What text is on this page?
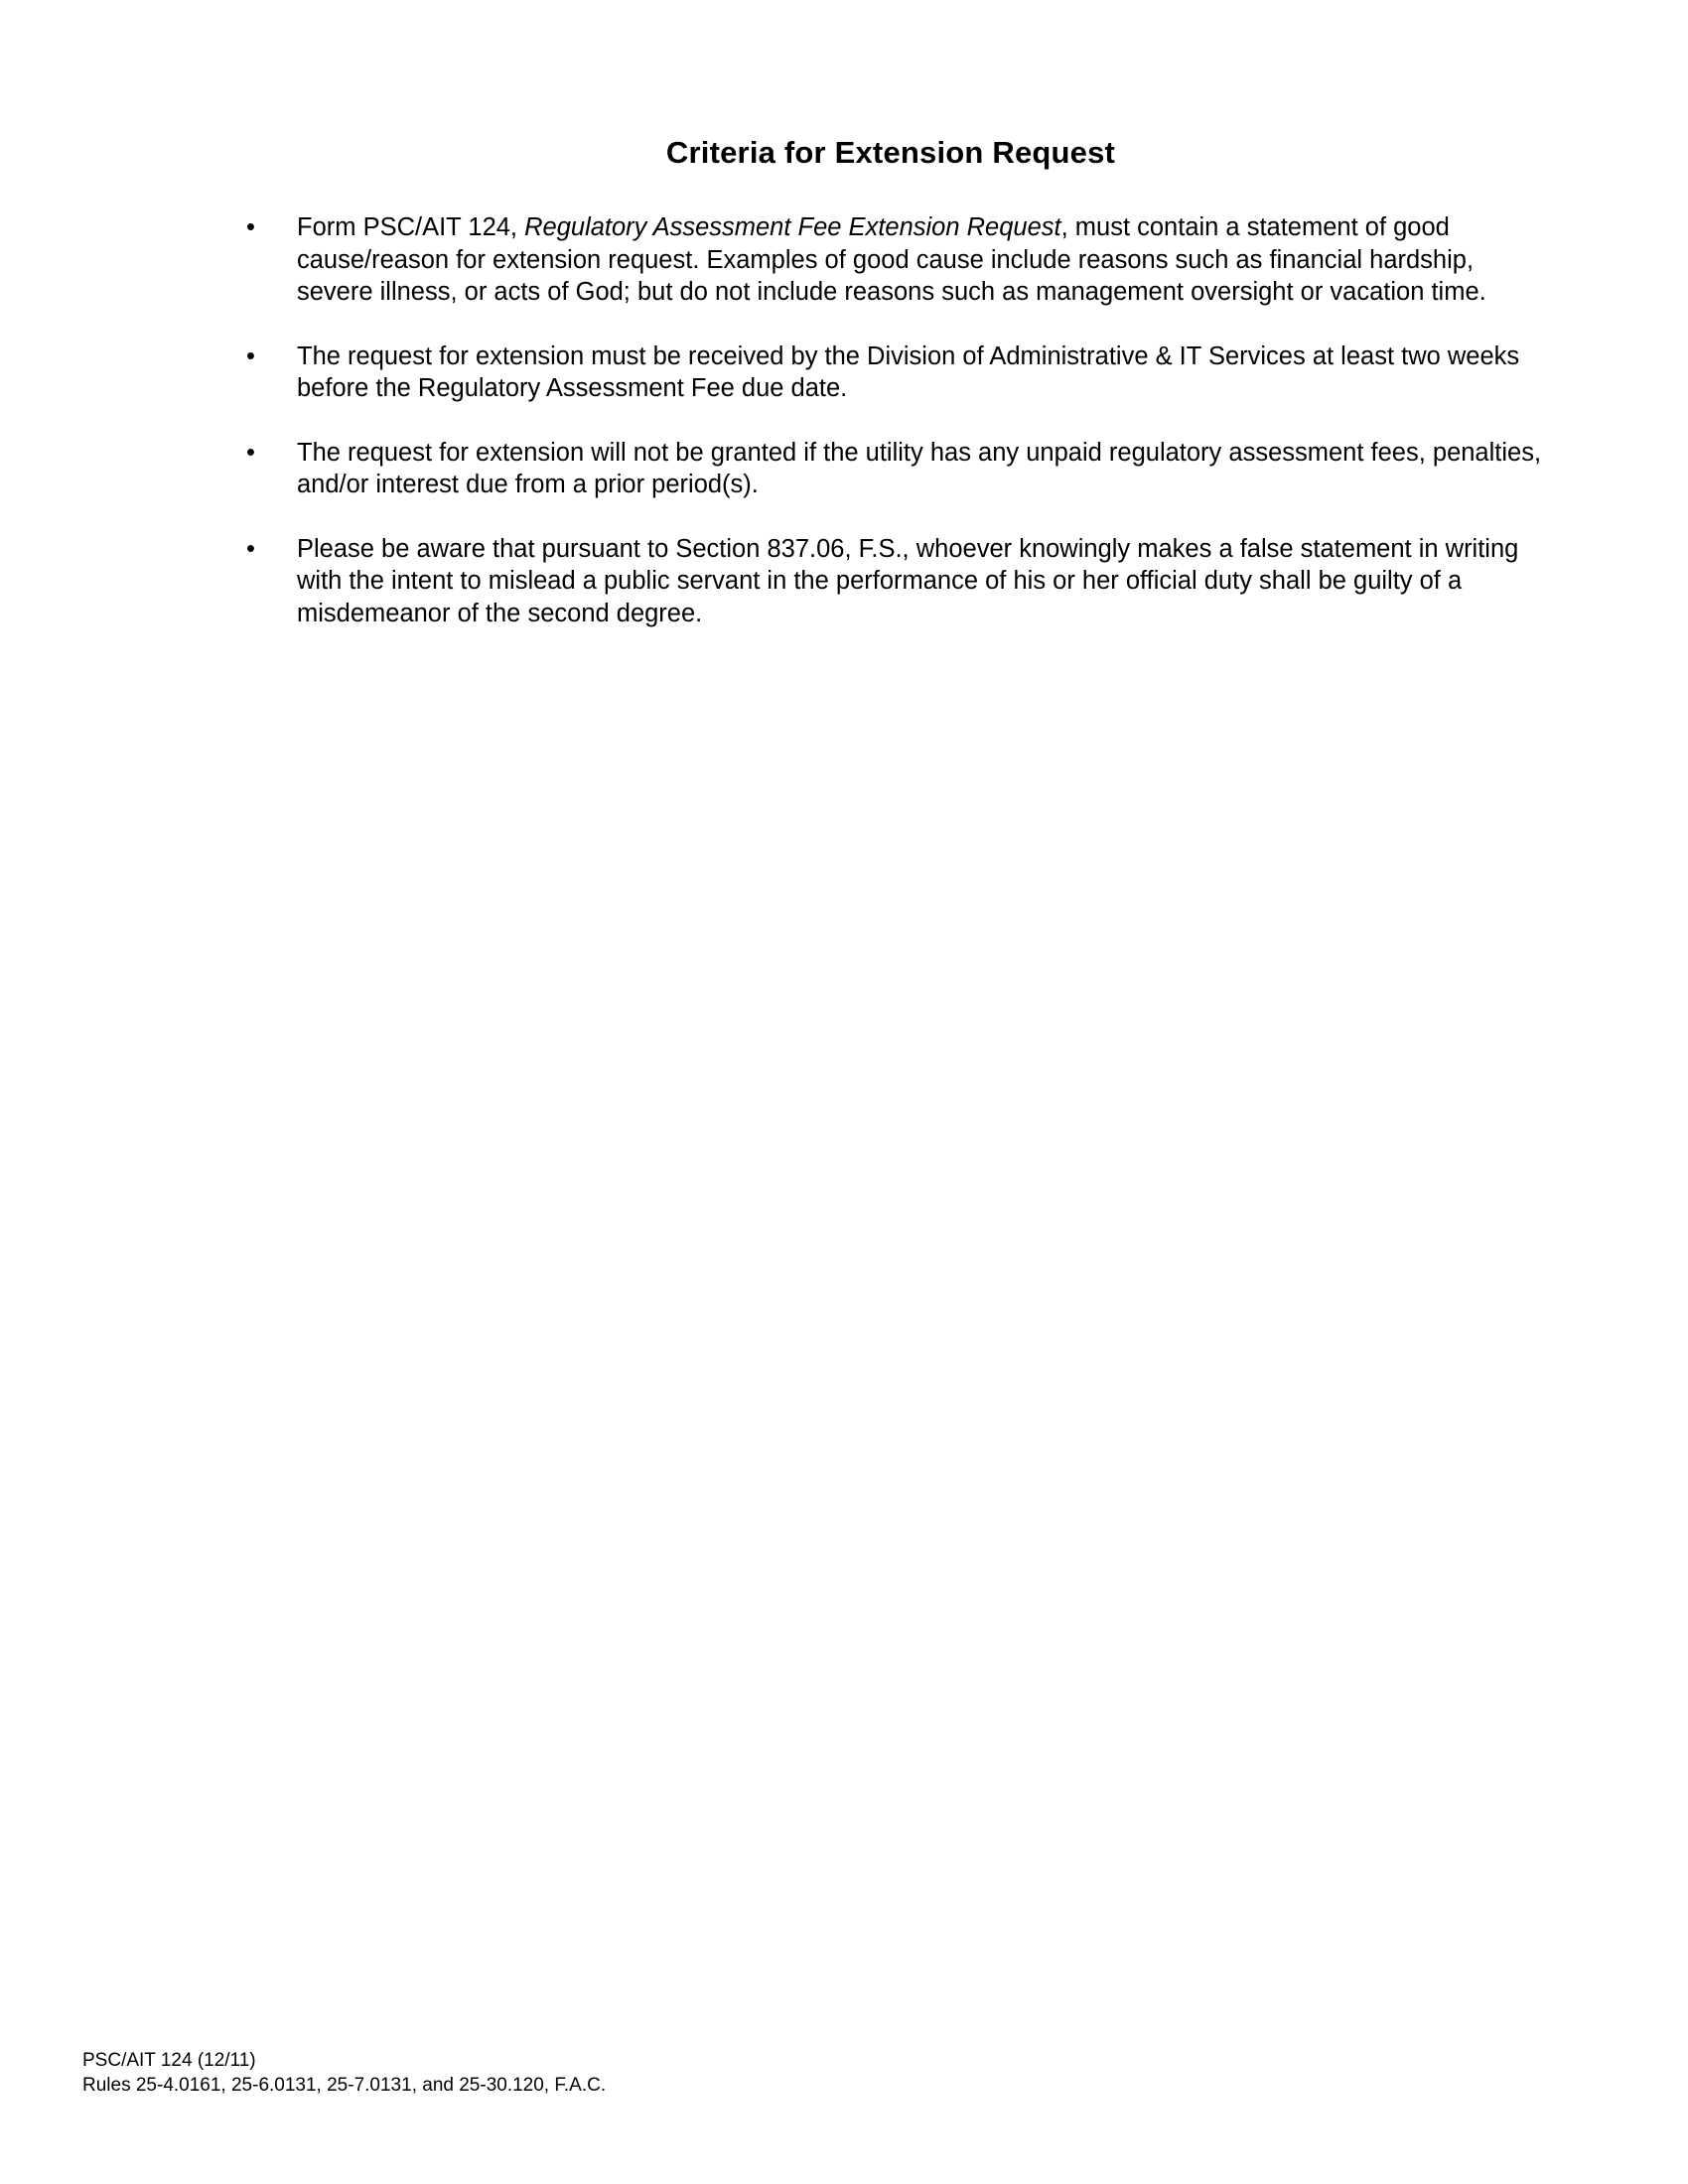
Criteria for Extension Request
•	Form PSC/AIT 124, Regulatory Assessment Fee Extension Request, must contain a statement of good cause/reason for extension request. Examples of good cause include reasons such as financial hardship, severe illness, or acts of God; but do not include reasons such as management oversight or vacation time.
•	The request for extension must be received by the Division of Administrative & IT Services at least two weeks before the Regulatory Assessment Fee due date.
•	The request for extension will not be granted if the utility has any unpaid regulatory assessment fees, penalties, and/or interest due from a prior period(s).
•	Please be aware that pursuant to Section 837.06, F.S., whoever knowingly makes a false statement in writing with the intent to mislead a public servant in the performance of his or her official duty shall be guilty of a misdemeanor of the second degree.
PSC/AIT 124 (12/11)
Rules 25-4.0161, 25-6.0131, 25-7.0131, and 25-30.120, F.A.C.
